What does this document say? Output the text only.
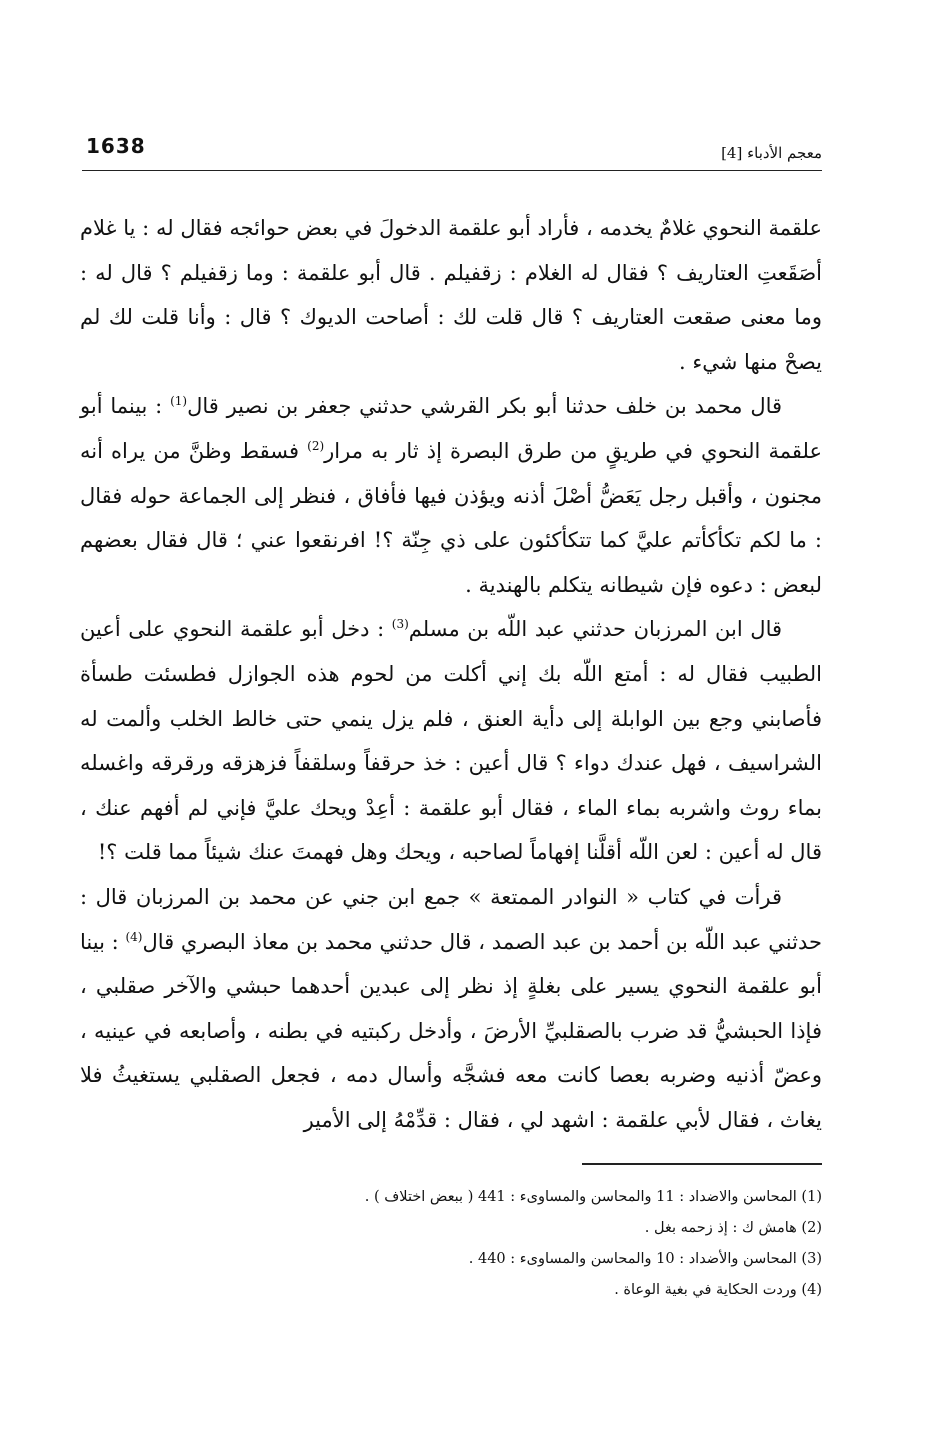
1638	معجم الأدباء [4]

علقمة النحوي غلامٌ يخدمه ، فأراد أبو علقمة الدخولَ في بعض حوائجه فقال له : يا غلام أصَقَعتِ العتاريف ؟ فقال له الغلام : زقفيلم . قال أبو علقمة : وما زقفيلم ؟ قال له : وما معنى صقعت العتاريف ؟ قال قلت لك : أصاحت الديوك ؟ قال : وأنا قلت لك لم يصحْ منها شيء .

قال محمد بن خلف حدثنا أبو بكر القرشي حدثني جعفر بن نصير قال$^{(1)}$ : بينما أبو علقمة النحوي في طريقٍ من طرق البصرة إذ ثار به مرار$^{(2)}$ فسقط وظنَّ من يراه أنه مجنون ، وأقبل رجل يَعَضُّ أصْلَ أذنه ويؤذن فيها فأفاق ، فنظر إلى الجماعة حوله فقال : ما لكم تكأكأتم عليَّ كما تتكأكئون على ذي جِنّة ؟! افرنقعوا عني ؛ قال فقال بعضهم لبعض : دعوه فإن شيطانه يتكلم بالهندية .

قال ابن المرزبان حدثني عبد اللّه بن مسلم$^{(3)}$ : دخل أبو علقمة النحوي على أعين الطبيب فقال له : أمتع اللّه بك إني أكلت من لحوم هذه الجوازل فطسئت طسأة فأصابني وجع بين الوابلة إلى دأية العنق ، فلم يزل ينمي حتى خالط الخلب وألمت له الشراسيف ، فهل عندك دواء ؟ قال أعين : خذ حرقفاً وسلقفاً فزهزقه ورقرقه واغسله بماء روث واشربه بماء الماء ، فقال أبو علقمة : أعِدْ ويحك عليَّ فإني لم أفهم عنك ، قال له أعين : لعن اللّه أقلَّنا إفهاماً لصاحبه ، ويحك وهل فهمتَ عنك شيئاً مما قلت ؟!

قرأت في كتاب « النوادر الممتعة » جمع ابن جني عن محمد بن المرزبان قال : حدثني عبد اللّه بن أحمد بن عبد الصمد ، قال حدثني محمد بن معاذ البصري قال$^{(4)}$ : بينا أبو علقمة النحوي يسير على بغلةٍ إذ نظر إلى عبدين أحدهما حبشي والآخر صقلبي ، فإذا الحبشيُّ قد ضرب بالصقلبيِّ الأرضَ ، وأدخل ركبتيه في بطنه ، وأصابعه في عينيه ، وعضّ أذنيه وضربه بعصا كانت معه فشجَّه وأسال دمه ، فجعل الصقلبي يستغيثُ فلا يغاث ، فقال لأبي علقمة : اشهد لي ، فقال : قدِّمْهُ إلى الأمير

(1) المحاسن والاضداد : 11 والمحاسن والمساوىء : 441 ( ببعض اختلاف ) .

(2) هامش ك : إذ زحمه بغل .

(3) المحاسن والأضداد : 10 والمحاسن والمساوىء : 440 .

(4) وردت الحكاية في بغية الوعاة .
